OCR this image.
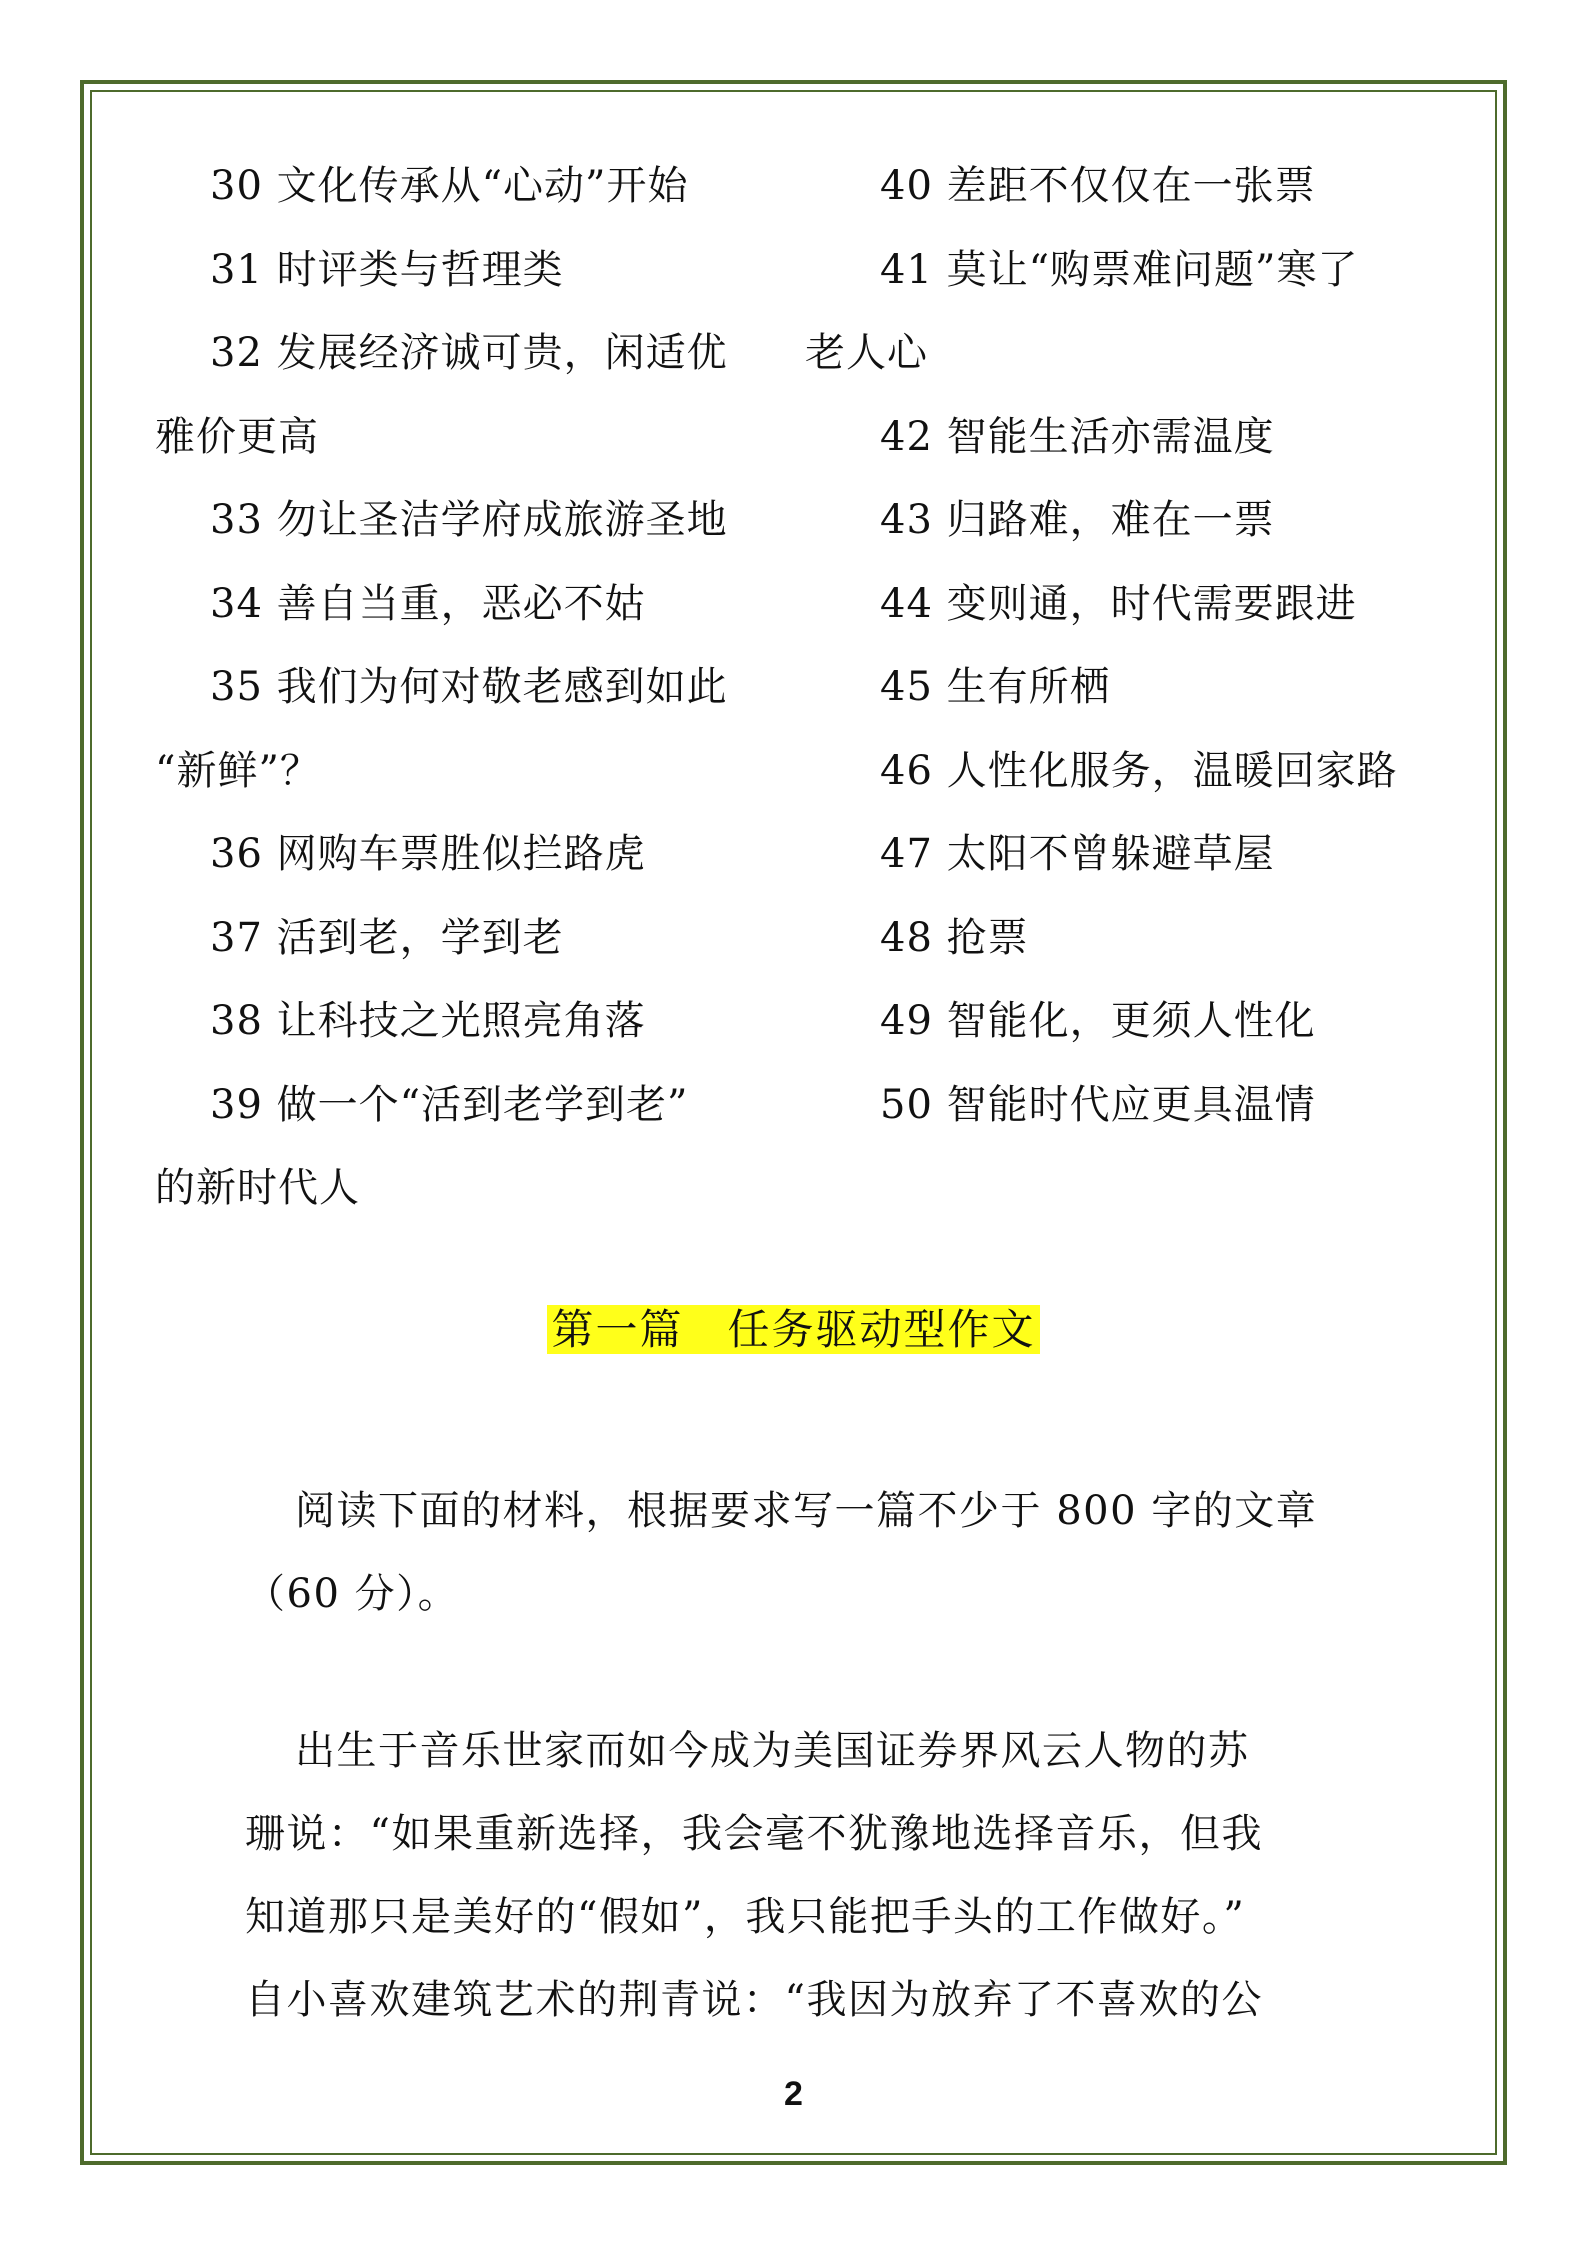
30 文化传承从“心动”开始
31 时评类与哲理类
32 发展经济诚可贵，闲适优
雅价更高
33 勿让圣洁学府成旅游圣地
34 善自当重，恶必不姑
35 我们为何对敬老感到如此
“新鲜”？
36 网购车票胜似拦路虎
37 活到老，学到老
38 让科技之光照亮角落
39 做一个“活到老学到老”
的新时代人
40 差距不仅仅在一张票
41 莫让“购票难问题”寒了
老人心
42 智能生活亦需温度
43 归路难，难在一票
44 变则通，时代需要跟进
45 生有所栖
46 人性化服务，温暖回家路
47 太阳不曾躲避草屋
48 抢票
49 智能化，更须人性化
50 智能时代应更具温情
第一篇　任务驱动型作文
阅读下面的材料，根据要求写一篇不少于 800 字的文章
（60 分）。
出生于音乐世家而如今成为美国证券界风云人物的苏
珊说：“如果重新选择，我会毫不犹豫地选择音乐，但我
知道那只是美好的“假如”，我只能把手头的工作做好。”
自小喜欢建筑艺术的荆青说：“我因为放弃了不喜欢的公
2
